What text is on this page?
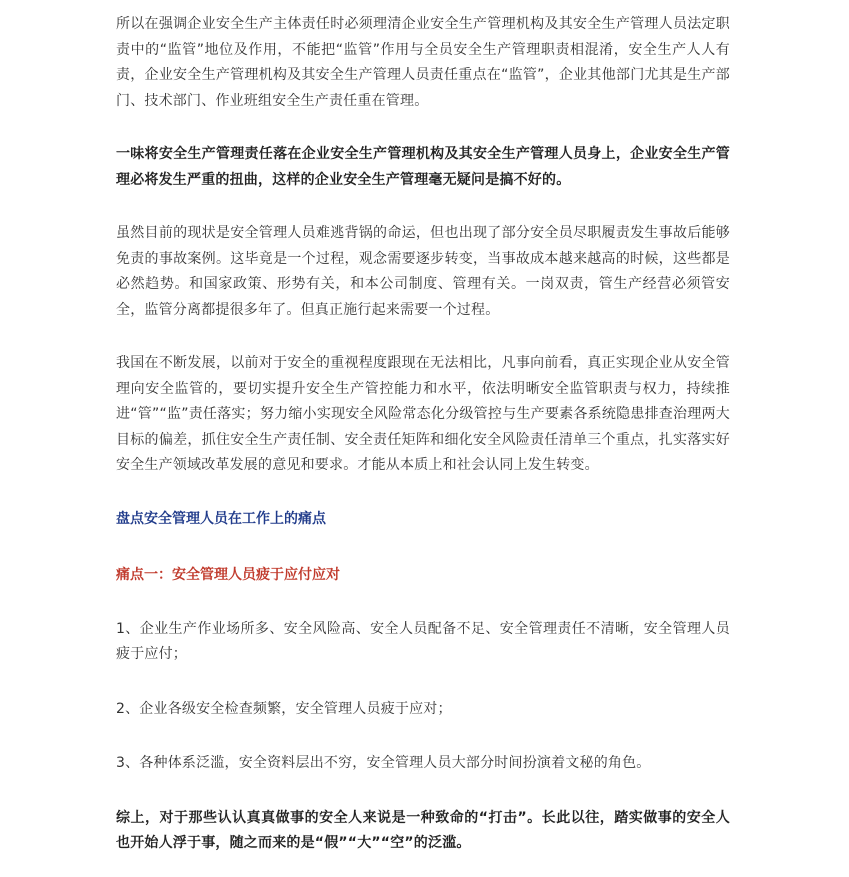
所以在强调企业安全生产主体责任时必须理清企业安全生产管理机构及其安全生产管理人员法定职责中的“监管”地位及作用，不能把“监管”作用与全员安全生产管理职责相混淆，安全生产人人有责，企业安全生产管理机构及其安全生产管理人员责任重点在“监管”，企业其他部门尤其是生产部门、技术部门、作业班组安全生产责任重在管理。

一味将安全生产管理责任落在企业安全生产管理机构及其安全生产管理人员身上，企业安全生产管理必将发生严重的扭曲，这样的企业安全生产管理毫无疑问是搞不好的。

虽然目前的现状是安全管理人员难逃背锅的命运，但也出现了部分安全员尽职履责发生事故后能够免责的事故案例。这毕竟是一个过程，观念需要逐步转变，当事故成本越来越高的时候，这些都是必然趋势。和国家政策、形势有关，和本公司制度、管理有关。一岗双责，管生产经营必须管安全，监管分离都提很多年了。但真正施行起来需要一个过程。

我国在不断发展，以前对于安全的重视程度跟现在无法相比，凡事向前看，真正实现企业从安全管理向安全监管的，要切实提升安全生产管控能力和水平，依法明晰安全监管职责与权力，持续推进“管”“监”责任落实；努力缩小实现安全风险常态化分级管控与生产要素各系统隐患排查治理两大目标的偏差，抓住安全生产责任制、安全责任矩阵和细化安全风险责任清单三个重点，扎实落实好安全生产领域改革发展的意见和要求。才能从本质上和社会认同上发生转变。

盘点安全管理人员在工作上的痛点

痛点一：安全管理人员疲于应付应对

1、企业生产作业场所多、安全风险高、安全人员配备不足、安全管理责任不清晰，安全管理人员疲于应付；

2、企业各级安全检查频繁，安全管理人员疲于应对；

3、各种体系泛滥，安全资料层出不穷，安全管理人员大部分时间扮演着文秘的角色。

综上，对于那些认认真真做事的安全人来说是一种致命的“打击”。长此以往，踏实做事的安全人也开始人浮于事，随之而来的是“假”“大”“空”的泛滥。
